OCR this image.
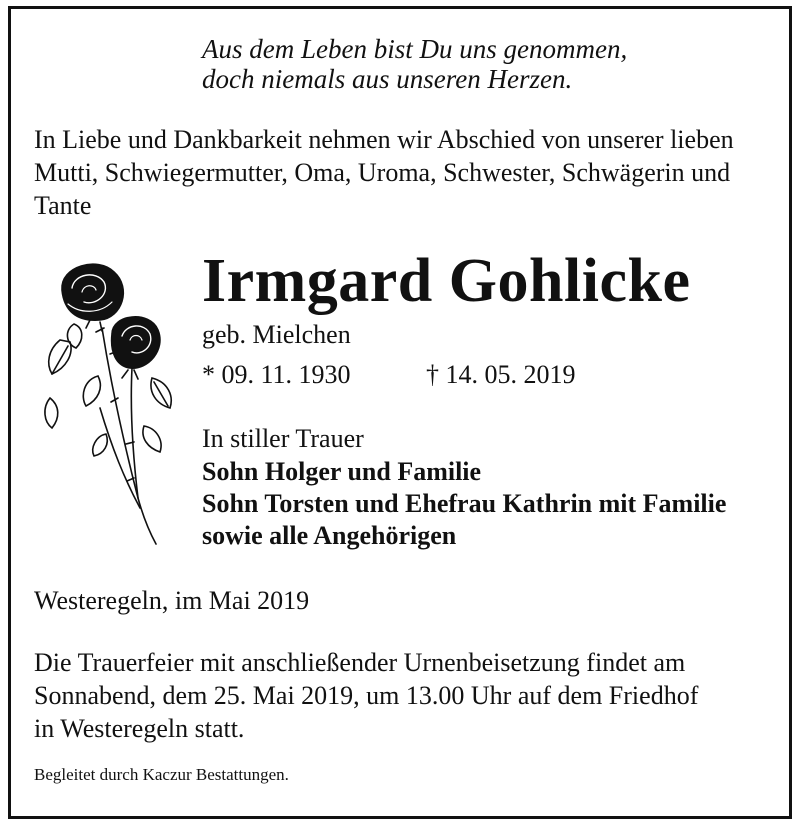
Aus dem Leben bist Du uns genommen,
doch niemals aus unseren Herzen.
In Liebe und Dankbarkeit nehmen wir Abschied von unserer lieben
Mutti, Schwiegermutter, Oma, Uroma, Schwester, Schwägerin und
Tante
Irmgard Gohlicke
geb. Mielchen
* 09. 11. 1930	† 14. 05. 2019
In stiller Trauer
Sohn Holger und Familie
Sohn Torsten und Ehefrau Kathrin mit Familie
sowie alle Angehörigen
Westeregeln, im Mai 2019
Die Trauerfeier mit anschließender Urnenbeisetzung findet am
Sonnabend, dem 25. Mai 2019, um 13.00 Uhr auf dem Friedhof
in Westeregeln statt.
Begleitet durch Kaczur Bestattungen.
